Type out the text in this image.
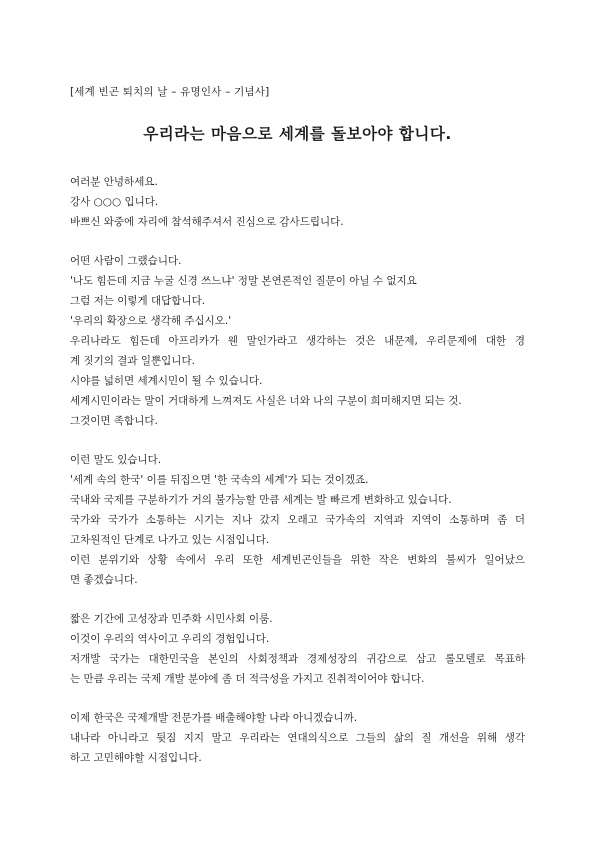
[세계 빈곤 퇴치의 날 – 유명인사 – 기념사]
우리라는 마음으로 세계를 돌보아야 합니다.
여러분 안녕하세요.
강사 ○○○ 입니다.
바쁘신 와중에 자리에 참석해주셔서 진심으로 감사드립니다.
어떤 사람이 그랬습니다.
'나도 힘든데 지금 누굴 신경 쓰느냐' 정말 본연론적인 질문이 아닐 수 없지요
그럼 저는 이렇게 대답합니다.
'우리의 확장으로 생각해 주십시오.'
우리나라도 힘든데 아프리카가 웬 말인가라고 생각하는 것은 내문제, 우리문제에 대한 경
계 짓기의 결과 일뿐입니다.
시야를 넓히면 세계시민이 될 수 있습니다.
세계시민이라는 말이 거대하게 느껴져도 사실은 너와 나의 구분이 희미해지면 되는 것.
그것이면 족합니다.
이런 말도 있습니다.
'세계 속의 한국' 이를 뒤집으면 '한 국속의 세계'가 되는 것이겠죠.
국내와 국제를 구분하기가 거의 불가능할 만큼 세계는 발 빠르게 변화하고 있습니다.
국가와 국가가 소통하는 시기는 지나 갔지 오래고 국가속의 지역과 지역이 소통하며 좀 더
고차원적인 단계로 나가고 있는 시점입니다.
이런 분위기와 상황 속에서 우리 또한 세계빈곤인들을 위한 작은 변화의 불씨가 일어났으
면 좋겠습니다.
짧은 기간에 고성장과 민주화 시민사회 이룸.
이것이 우리의 역사이고 우리의 경험입니다.
저개발 국가는 대한민국을 본인의 사회정책과 경제성장의 귀감으로 삼고 롤모델로 목표하
는 만큼 우리는 국제 개발 분야에 좀 더 적극성을 가지고 진취적이어야 합니다.
이제 한국은 국제개발 전문가를 배출해야할 나라 아니겠습니까.
내나라 아니라고 뒷짐 지지 말고 우리라는 연대의식으로 그들의 삶의 질 개선을 위해 생각
하고 고민해야할 시점입니다.
